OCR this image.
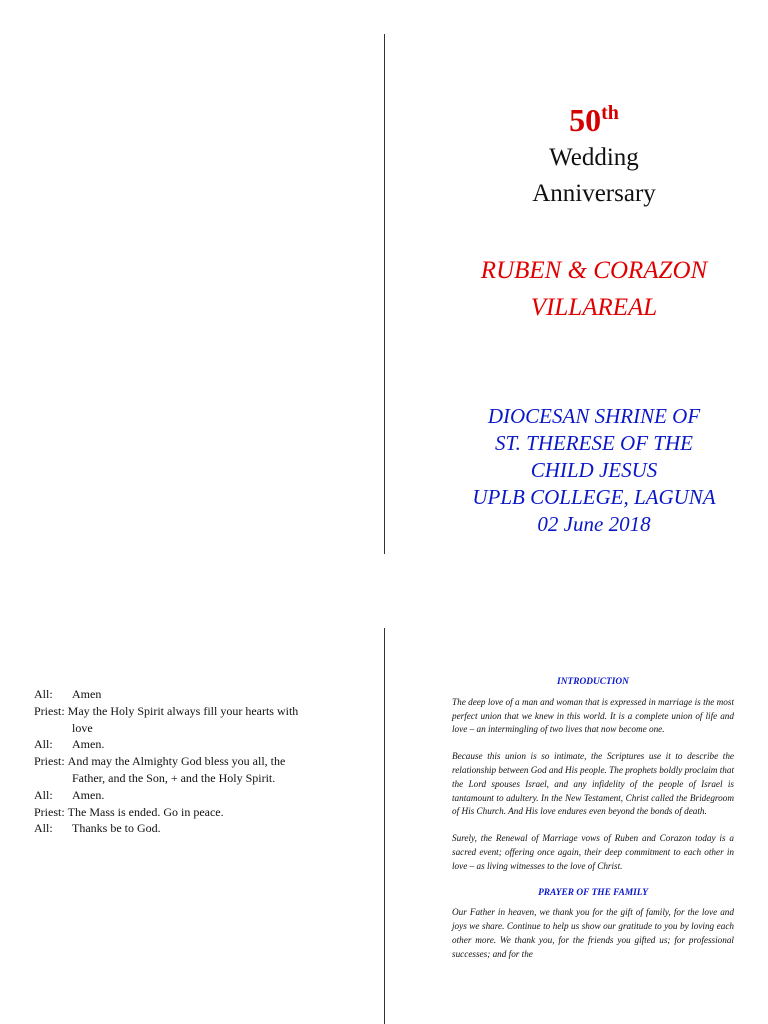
50th
Wedding
Anniversary
RUBEN & CORAZON
VILLAREAL
DIOCESAN SHRINE OF
ST. THERESE OF THE
CHILD JESUS
UPLB COLLEGE, LAGUNA
02 June 2018
All:	Amen
Priest:
May the Holy Spirit always fill your hearts with
love
All:	Amen.
Priest:
And may the Almighty God bless you all, the
Father, and the Son, + and the Holy Spirit.
All:	Amen.
Priest:
The Mass is ended. Go in peace.
All:	Thanks be to God.
INTRODUCTION

The deep love of a man and woman that is expressed in marriage is the most perfect union that we knew in this world. It is a complete union of life and love – an intermingling of two lives that now become one.

Because this union is so intimate, the Scriptures use it to describe the relationship between God and His people. The prophets boldly proclaim that the Lord spouses Israel, and any infidelity of the people of Israel is tantamount to adultery. In the New Testament, Christ called the Bridegroom of His Church. And His love endures even beyond the bonds of death.

Surely, the Renewal of Marriage vows of Ruben and Corazon today is a sacred event; offering once again, their deep commitment to each other in love – as living witnesses to the love of Christ.

PRAYER OF THE FAMILY

Our Father in heaven, we thank you for the gift of family, for the love and joys we share. Continue to help us show our gratitude to you by loving each other more. We thank you, for the friends you gifted us; for professional successes; and for the
